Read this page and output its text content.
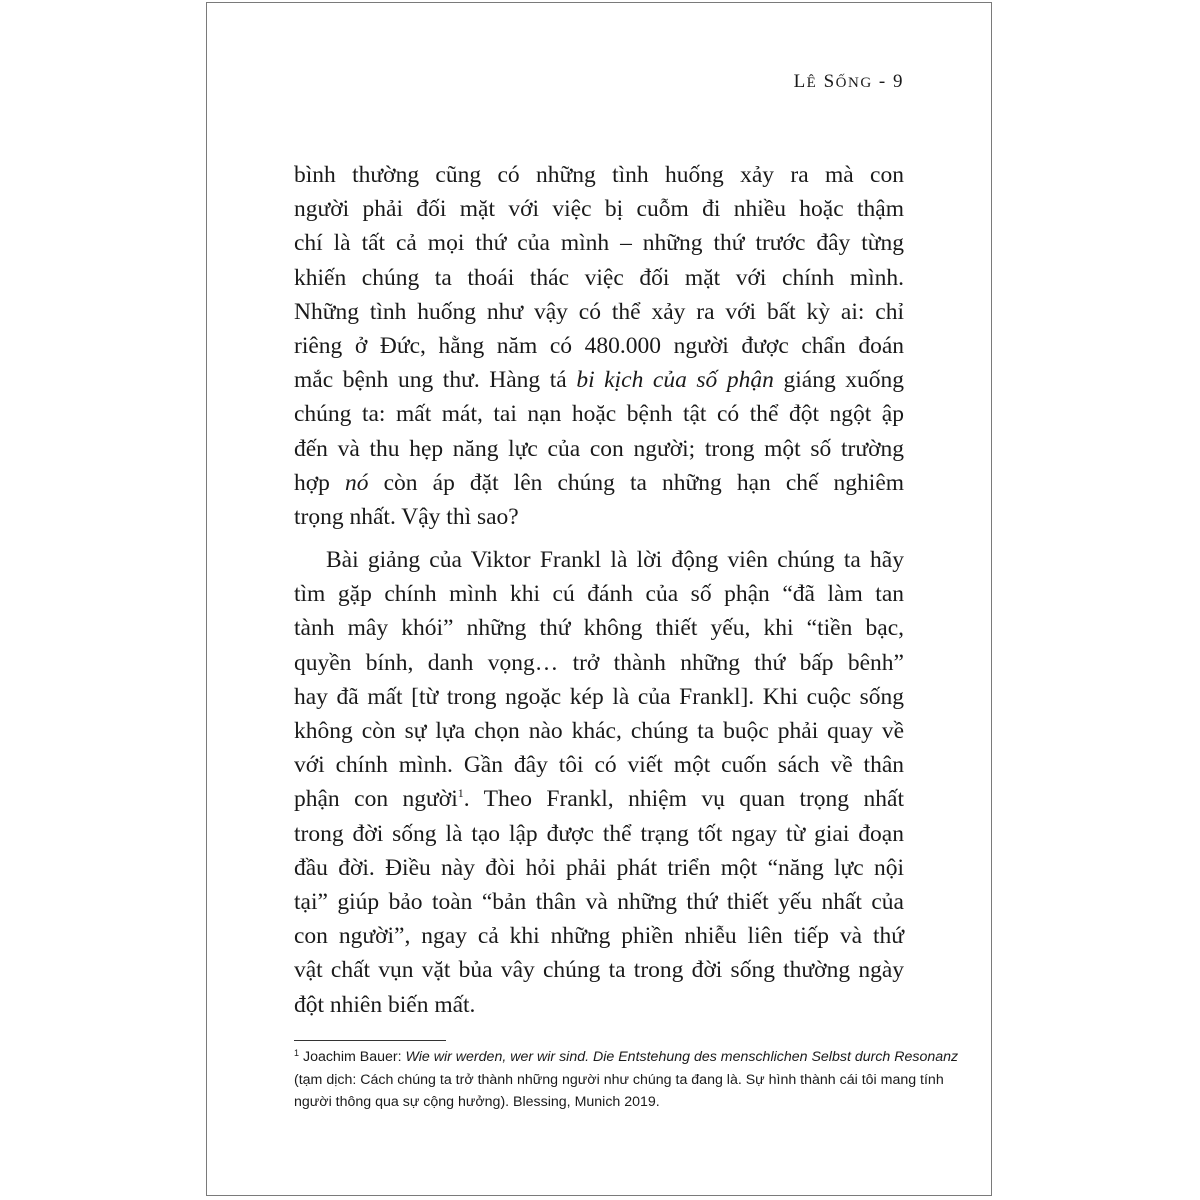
LÊ SỐNG - 9

bình thường cũng có những tình huống xảy ra mà con
người phải đối mặt với việc bị cuỗm đi nhiều hoặc thậm
chí là tất cả mọi thứ của mình – những thứ trước đây từng
khiến chúng ta thoái thác việc đối mặt với chính mình.
Những tình huống như vậy có thể xảy ra với bất kỳ ai: chỉ
riêng ở Đức, hằng năm có 480.000 người được chẩn đoán
mắc bệnh ung thư. Hàng tá bi kịch của số phận giáng xuống
chúng ta: mất mát, tai nạn hoặc bệnh tật có thể đột ngột ập
đến và thu hẹp năng lực của con người; trong một số trường
hợp nó còn áp đặt lên chúng ta những hạn chế nghiêm
trọng nhất. Vậy thì sao?

Bài giảng của Viktor Frankl là lời động viên chúng ta hãy
tìm gặp chính mình khi cú đánh của số phận “đã làm tan
tành mây khói” những thứ không thiết yếu, khi “tiền bạc,
quyền bính, danh vọng… trở thành những thứ bấp bênh”
hay đã mất [từ trong ngoặc kép là của Frankl]. Khi cuộc sống
không còn sự lựa chọn nào khác, chúng ta buộc phải quay về
với chính mình. Gần đây tôi có viết một cuốn sách về thân
phận con người$^1$. Theo Frankl, nhiệm vụ quan trọng nhất
trong đời sống là tạo lập được thể trạng tốt ngay từ giai đoạn
đầu đời. Điều này đòi hỏi phải phát triển một “năng lực nội
tại” giúp bảo toàn “bản thân và những thứ thiết yếu nhất của
con người”, ngay cả khi những phiền nhiễu liên tiếp và thứ
vật chất vụn vặt bủa vây chúng ta trong đời sống thường ngày
đột nhiên biến mất.

$^1$ Joachim Bauer: Wie wir werden, wer wir sind. Die Entstehung des menschlichen Selbst durch Resonanz
(tạm dịch: Cách chúng ta trở thành những người như chúng ta đang là. Sự hình thành cái tôi mang tính
người thông qua sự cộng hưởng). Blessing, Munich 2019.
